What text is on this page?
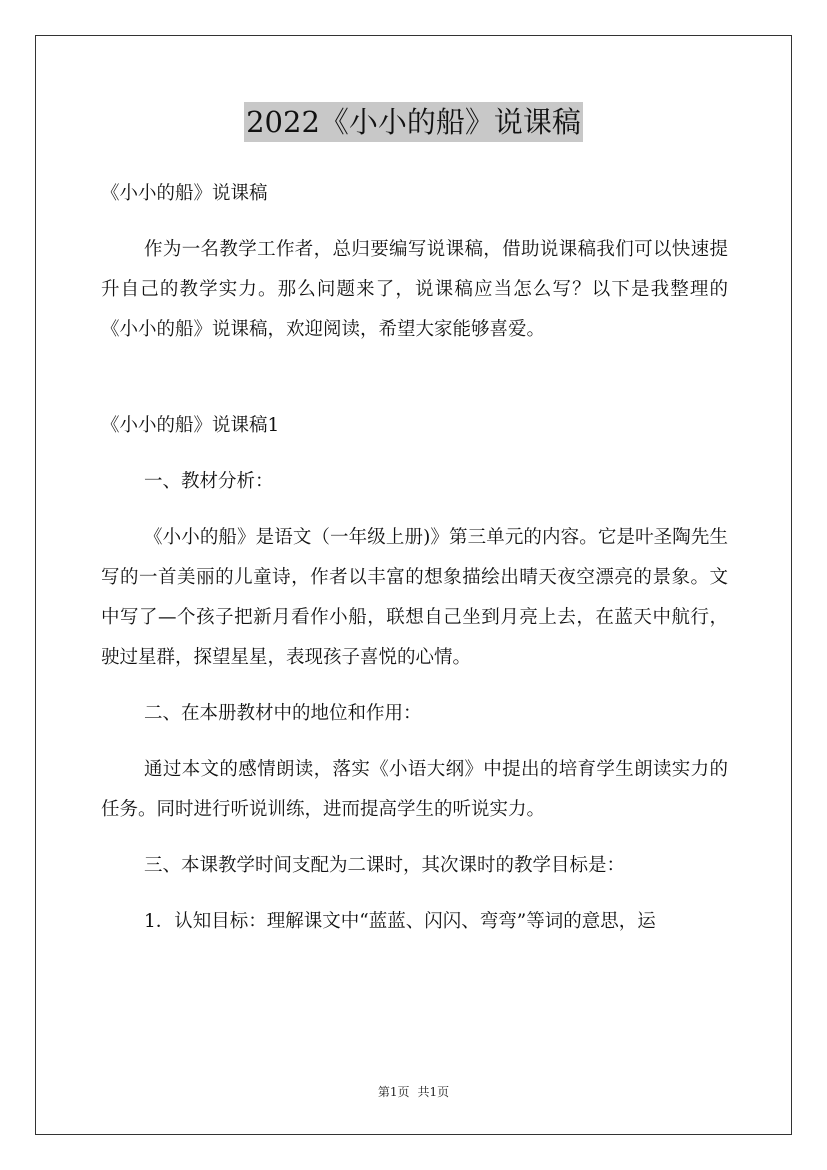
2022《小小的船》说课稿

《小小的船》说课稿

作为一名教学工作者，总归要编写说课稿，借助说课稿我们可以快速提升自己的教学实力。那么问题来了，说课稿应当怎么写？以下是我整理的《小小的船》说课稿，欢迎阅读，希望大家能够喜爱。

《小小的船》说课稿1

一、教材分析：

《小小的船》是语文（一年级上册)》第三单元的内容。它是叶圣陶先生写的一首美丽的儿童诗，作者以丰富的想象描绘出晴天夜空漂亮的景象。文中写了—个孩子把新月看作小船，联想自己坐到月亮上去，在蓝天中航行，驶过星群，探望星星，表现孩子喜悦的心情。

二、在本册教材中的地位和作用：

通过本文的感情朗读，落实《小语大纲》中提出的培育学生朗读实力的任务。同时进行听说训练，进而提高学生的听说实力。

三、本课教学时间支配为二课时，其次课时的教学目标是：

1．认知目标：理解课文中“蓝蓝、闪闪、弯弯”等词的意思，运

第1页 共1页
